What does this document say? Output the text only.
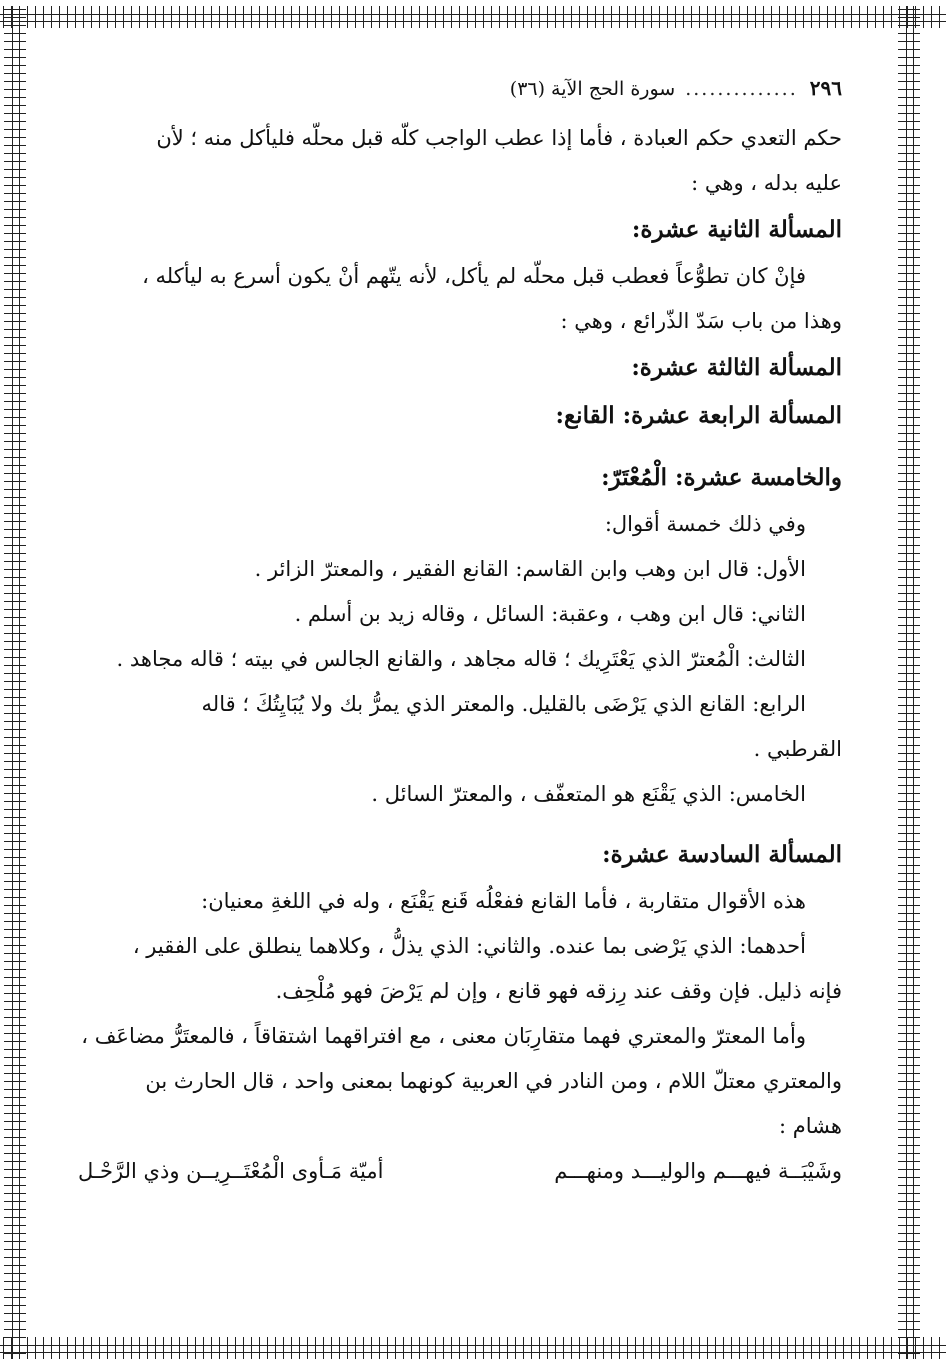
٢٩٦
..............
سورة الحج الآية (٣٦)

حكم التعدي حكم العبادة ، فأما إذا عطب الواجب كلّه قبل محلّه فليأكل منه ؛ لأن

عليه بدله ، وهي :

المسألة الثانية عشرة:

فإنْ كان تطوُّعاً فعطب قبل محلّه لم يأكل، لأنه يتّهم أنْ يكون أسرع به ليأكله ،

وهذا من باب سَدّ الذّرائع ، وهي :

المسألة الثالثة عشرة:
المسألة الرابعة عشرة: القانع:
والخامسة عشرة: الْمُعْتَرّ:

وفي ذلك خمسة أقوال:

الأول: قال ابن وهب وابن القاسم: القانع الفقير ، والمعترّ الزائر .

الثاني: قال ابن وهب ، وعقبة: السائل ، وقاله زيد بن أسلم .

الثالث: الْمُعترّ الذي يَعْتَرِيك ؛ قاله مجاهد ، والقانع الجالس في بيته ؛ قاله مجاهد .

الرابع: القانع الذي يَرْضَى بالقليل. والمعتر الذي يمرُّ بك ولا يُبَايِتُكَ ؛ قاله

القرطبي .

الخامس: الذي يَقْنَع هو المتعفّف ، والمعترّ السائل .

المسألة السادسة عشرة:

هذه الأقوال متقاربة ، فأما القانع ففعْلُه قَنع يَقْنَع ، وله في اللغةِ معنيان:

أحدهما: الذي يَرْضى بما عنده. والثاني: الذي يذلُّ ، وكلاهما ينطلق على الفقير ،

فإنه ذليل. فإن وقف عند رِزقه فهو قانع ، وإن لم يَرْضَ فهو مُلْحِف.

وأما المعترّ والمعتري فهما متقارِبَان معنى ، مع افتراقهما اشتقاقاً ، فالمعتَرُّ مضاعَف ،

والمعتري معتلّ اللام ، ومن النادر في العربية كونهما بمعنى واحد ، قال الحارث بن

هشام :

وشَيْبَــة فيهـــم والوليـــد ومنهـــم
أميّة مَـأوى الْمُعْتَــرِيــن وذي الرَّحْـل
